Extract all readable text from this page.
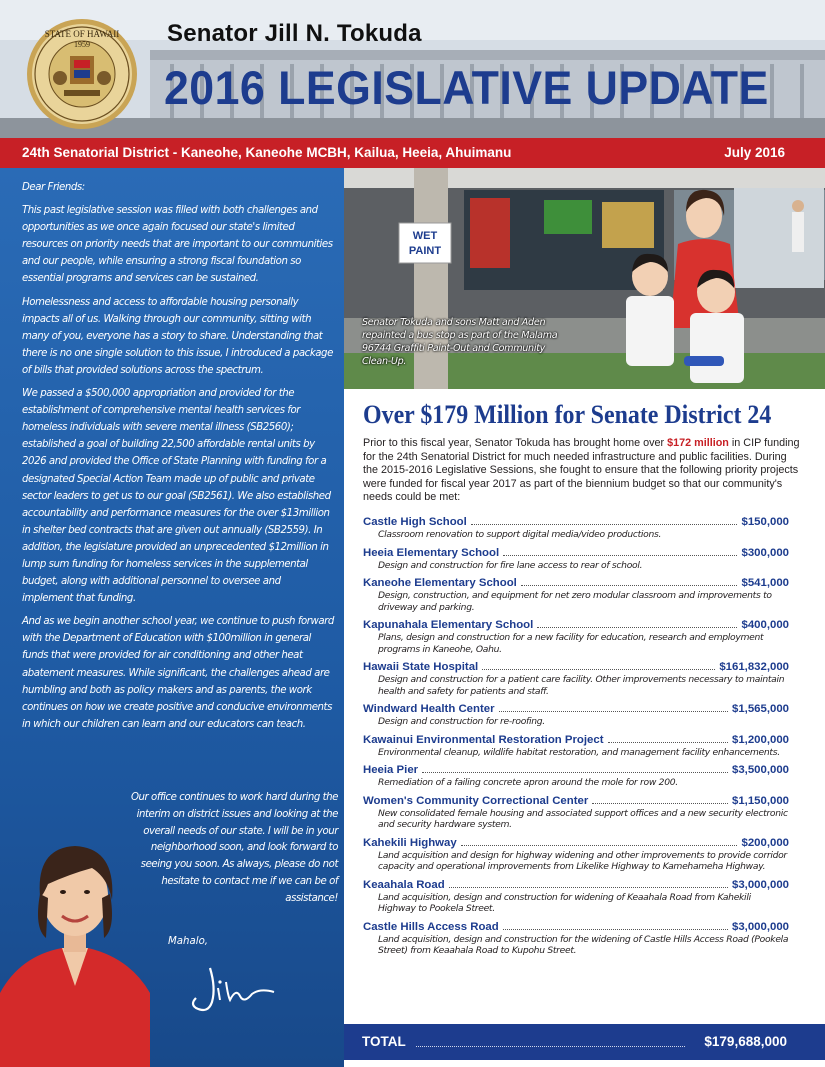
STATE OF HAWAII
1959	Senator Jill N. Tokuda
2016 LEGISLATIVE UPDATE
24th Senatorial District - Kaneohe, Kaneohe MCBH, Kailua, Heeia, Ahuimanu	July 2016

Dear Friends:

This past legislative session was filled with both challenges and opportunities as we once again focused our state's limited resources on priority needs that are important to our communities and our people, while ensuring a strong fiscal foundation so essential programs and services can be sustained.

Homelessness and access to affordable housing personally impacts all of us. Walking through our community, sitting with many of you, everyone has a story to share. Understanding that there is no one single solution to this issue, I introduced a package of bills that provided solutions across the spectrum.

We passed a $500,000 appropriation and provided for the establishment of comprehensive mental health services for homeless individuals with severe mental illness (SB2560); established a goal of building 22,500 affordable rental units by 2026 and provided the Office of State Planning with funding for a designated Special Action Team made up of public and private sector leaders to get us to our goal (SB2561). We also established accountability and performance measures for the over $13million in shelter bed contracts that are given out annually (SB2559). In addition, the legislature provided an unprecedented $12million in lump sum funding for homeless services in the supplemental budget, along with additional personnel to oversee and implement that funding.

And as we begin another school year, we continue to push forward with the Department of Education with $100million in general funds that were provided for air conditioning and other heat abatement measures. While significant, the challenges ahead are humbling and both as policy makers and as parents, the work continues on how we create positive and conducive environments in which our children can learn and our educators can teach.

Our office continues to work hard during the interim on district issues and looking at the overall needs of our state. I will be in your neighborhood soon, and look forward to seeing you soon. As always, please do not hesitate to contact me if we can be of assistance!
Mahalo,
WET
PAINT
Senator Tokuda and sons Matt and Aden repainted a bus stop as part of the Malama 96744 Graffiti Paint-Out and Community Clean-Up.
Over $179 Million for Senate District 24
Prior to this fiscal year, Senator Tokuda has brought home over $172 million in CIP funding for the 24th Senatorial District for much needed infrastructure and public facilities. During the 2015-2016 Legislative Sessions, she fought to ensure that the following priority projects were funded for fiscal year 2017 as part of the biennium budget so that our community's needs could be met:
Castle High School	$150,000
Classroom renovation to support digital media/video productions.
Heeia Elementary School	$300,000
Design and construction for fire lane access to rear of school.
Kaneohe Elementary School	$541,000
Design, construction, and equipment for net zero modular classroom and improvements to driveway and parking.
Kapunahala Elementary School	$400,000
Plans, design and construction for a new facility for education, research and employment programs in Kaneohe, Oahu.
Hawaii State Hospital	$161,832,000
Design and construction for a patient care facility. Other improvements necessary to maintain health and safety for patients and staff.
Windward Health Center	$1,565,000
Design and construction for re-roofing.
Kawainui Environmental Restoration Project	$1,200,000
Environmental cleanup, wildlife habitat restoration, and management facility enhancements.
Heeia Pier	$3,500,000
Remediation of a failing concrete apron around the mole for row 200.
Women's Community Correctional Center	$1,150,000
New consolidated female housing and associated support offices and a new security electronic and security hardware system.
Kahekili Highway	$200,000
Land acquisition and design for highway widening and other improvements to provide corridor capacity and operational improvements from Likelike Highway to Kamehameha Highway.
Keaahala Road	$3,000,000
Land acquisition, design and construction for widening of Keaahala Road from Kahekili Highway to Pookela Street.
Castle Hills Access Road	$3,000,000
Land acquisition, design and construction for the widening of Castle Hills Access Road (Pookela Street) from Keaahala Road to Kupohu Street.
TOTAL	$179,688,000
